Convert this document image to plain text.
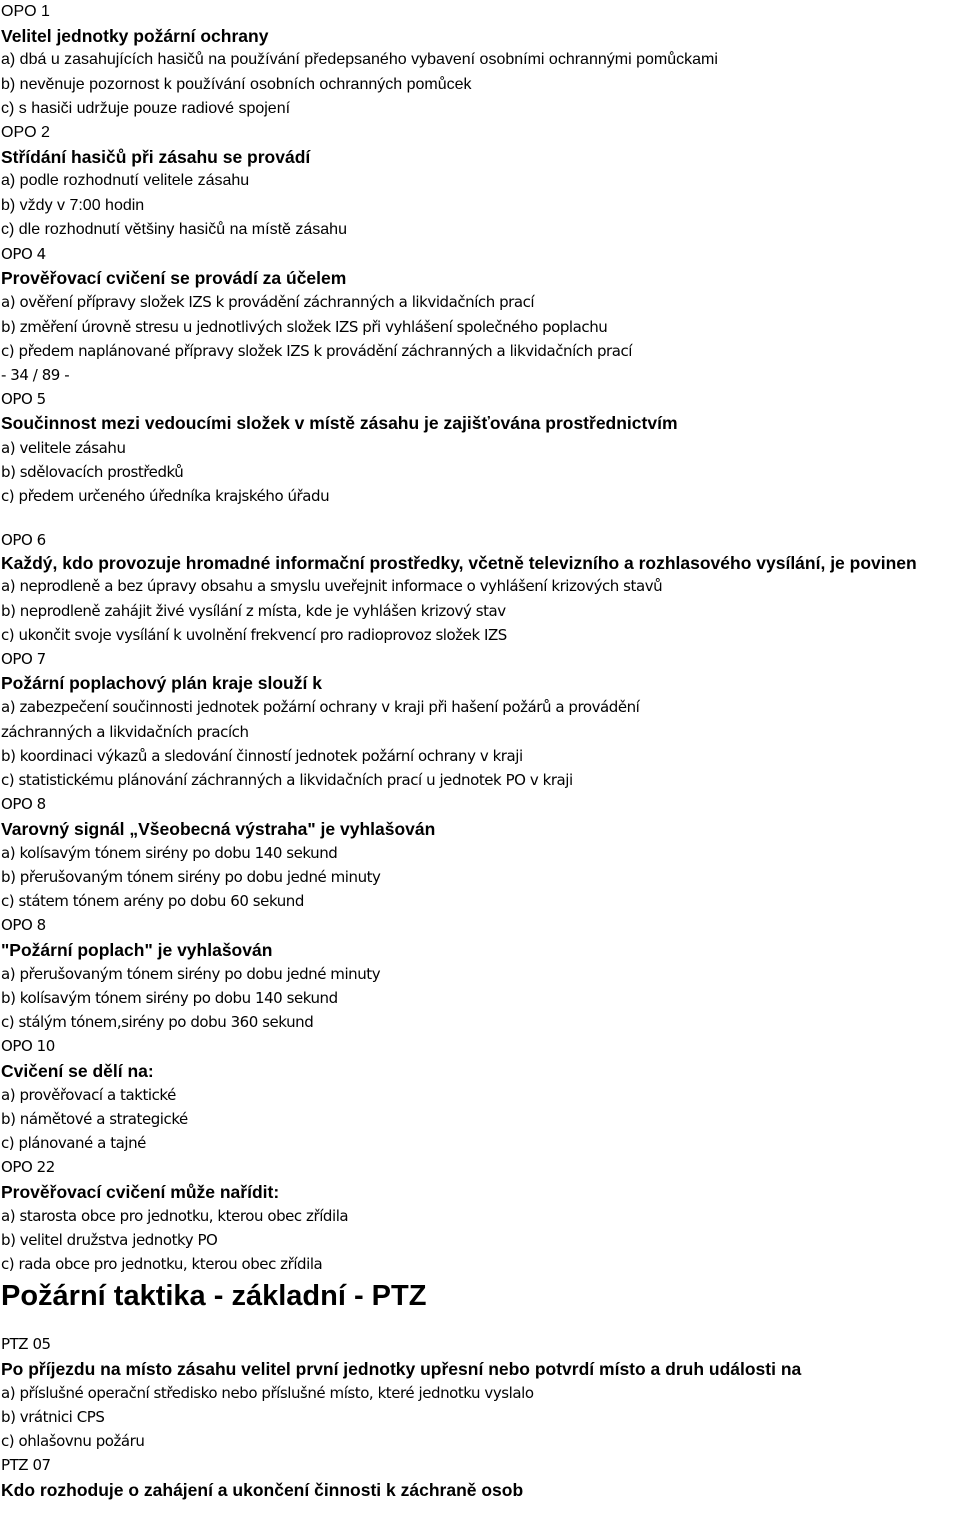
OPO 1

Velitel jednotky požární ochrany

a) dbá u zasahujících hasičů na používání předepsaného vybavení osobními ochrannými pomůckami

b) nevěnuje pozornost k používání osobních ochranných pomůcek

c) s hasiči udržuje pouze radiové spojení

OPO 2

Střídání hasičů při zásahu se provádí

a) podle rozhodnutí velitele zásahu

b) vždy v 7:00 hodin

c) dle rozhodnutí většiny hasičů na místě zásahu

OPO 4

Prověřovací cvičení se provádí za účelem

a) ověření přípravy složek IZS k provádění záchranných a likvidačních prací

b) změření úrovně stresu u jednotlivých složek IZS při vyhlášení společného poplachu

c) předem naplánované přípravy složek IZS k provádění záchranných a likvidačních prací

- 34 / 89 -

OPO 5

Součinnost mezi vedoucími složek v místě zásahu je zajišťována prostřednictvím

a) velitele zásahu

b) sdělovacích prostředků

c) předem určeného úředníka krajského úřadu

OPO 6

Každý, kdo provozuje hromadné informační prostředky, včetně televizního a rozhlasového vysílání, je povinen

a) neprodleně a bez úpravy obsahu a smyslu uveřejnit informace o vyhlášení krizových stavů

b) neprodleně zahájit živé vysílání z místa, kde je vyhlášen krizový stav

c) ukončit svoje vysílání k uvolnění frekvencí pro radioprovoz složek IZS

OPO 7

Požární poplachový plán kraje slouží k

a) zabezpečení součinnosti jednotek požární ochrany v kraji při hašení požárů a provádění

záchranných a likvidačních pracích

b) koordinaci výkazů a sledování činností jednotek požární ochrany v kraji

c) statistickému plánování záchranných a likvidačních prací u jednotek PO v kraji

OPO 8

Varovný signál „Všeobecná výstraha" je vyhlašován

a) kolísavým tónem sirény po dobu 140 sekund

b) přerušovaným tónem sirény po dobu jedné minuty

c) státem tónem arény po dobu 60 sekund

OPO 8

"Požární poplach" je vyhlašován

a) přerušovaným tónem sirény po dobu jedné minuty

b) kolísavým tónem sirény po dobu 140 sekund

c) stálým tónem,sirény po dobu 360 sekund

OPO 10

Cvičení se dělí na:

a) prověřovací a taktické

b) námětové a strategické

c) plánované a tajné

OPO 22

Prověřovací cvičení může nařídit:

a) starosta obce pro jednotku, kterou obec zřídila

b) velitel družstva jednotky PO

c) rada obce pro jednotku, kterou obec zřídila

Požární taktika - základní - PTZ

PTZ 05

Po příjezdu na místo zásahu velitel první jednotky upřesní nebo potvrdí místo a druh události na

a) příslušné operační středisko nebo příslušné místo, které jednotku vyslalo

b) vrátnici CPS

c) ohlašovnu požáru

PTZ 07

Kdo rozhoduje o zahájení a ukončení činnosti k záchraně osob
